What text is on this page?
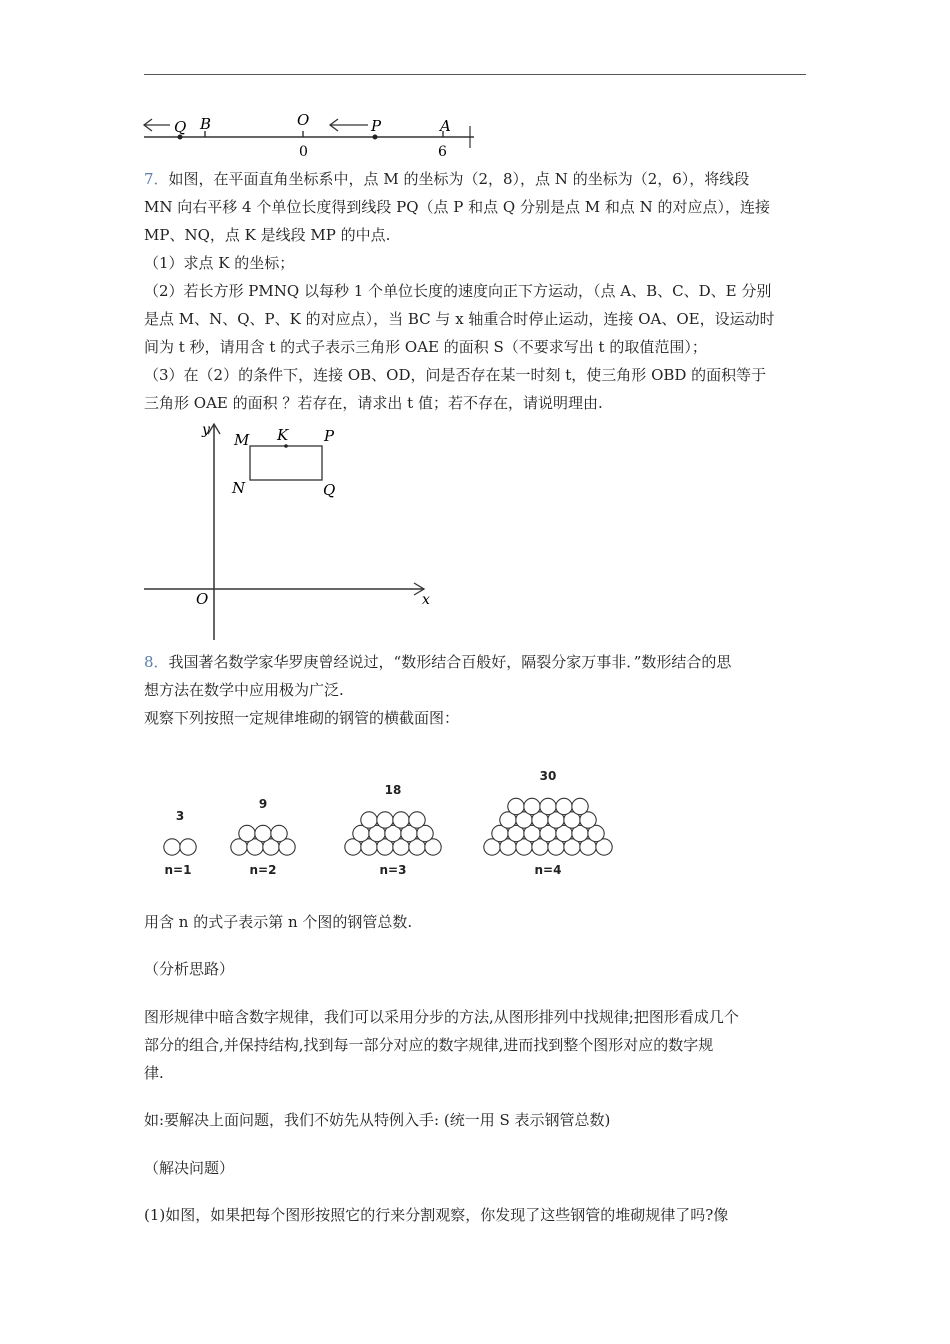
Q B	O	P	A
0	6

7．如图，在平面直角坐标系中，点 M 的坐标为（2，8），点 N 的坐标为（2，6），将线段

MN 向右平移 4 个单位长度得到线段 PQ（点 P 和点 Q 分别是点 M 和点 N 的对应点），连接

MP、NQ，点 K 是线段 MP 的中点.

（1）求点 K 的坐标；

（2）若长方形 PMNQ 以每秒 1 个单位长度的速度向正下方运动，（点 A、B、C、D、E 分别

是点 M、N、Q、P、K 的对应点），当 BC 与 x 轴重合时停止运动，连接 OA、OE，设运动时

间为 t 秒，请用含 t 的式子表示三角形 OAE 的面积 S（不要求写出 t 的取值范围）；

（3）在（2）的条件下，连接 OB、OD，问是否存在某一时刻 t，使三角形 OBD 的面积等于

三角形 OAE 的面积 ？若存在，请求出 t 值；若不存在，请说明理由.

y
x
O
M K P
N	Q

8．我国著名数学家华罗庚曾经说过，“数形结合百般好，隔裂分家万事非．”数形结合的思

想方法在数学中应用极为广泛.

观察下列按照一定规律堆砌的钢管的横截面图：

3
9
18
30
n=1	n=2	n=3	n=4

用含 n 的式子表示第 n 个图的钢管总数.

（分析思路）

图形规律中暗含数字规律，我们可以采用分步的方法,从图形排列中找规律;把图形看成几个

部分的组合,并保持结构,找到每一部分对应的数字规律,进而找到整个图形对应的数字规

律.

如:要解决上面问题，我们不妨先从特例入手: (统一用 S 表示钢管总数)

（解决问题）

(1)如图，如果把每个图形按照它的行来分割观察，你发现了这些钢管的堆砌规律了吗?像
